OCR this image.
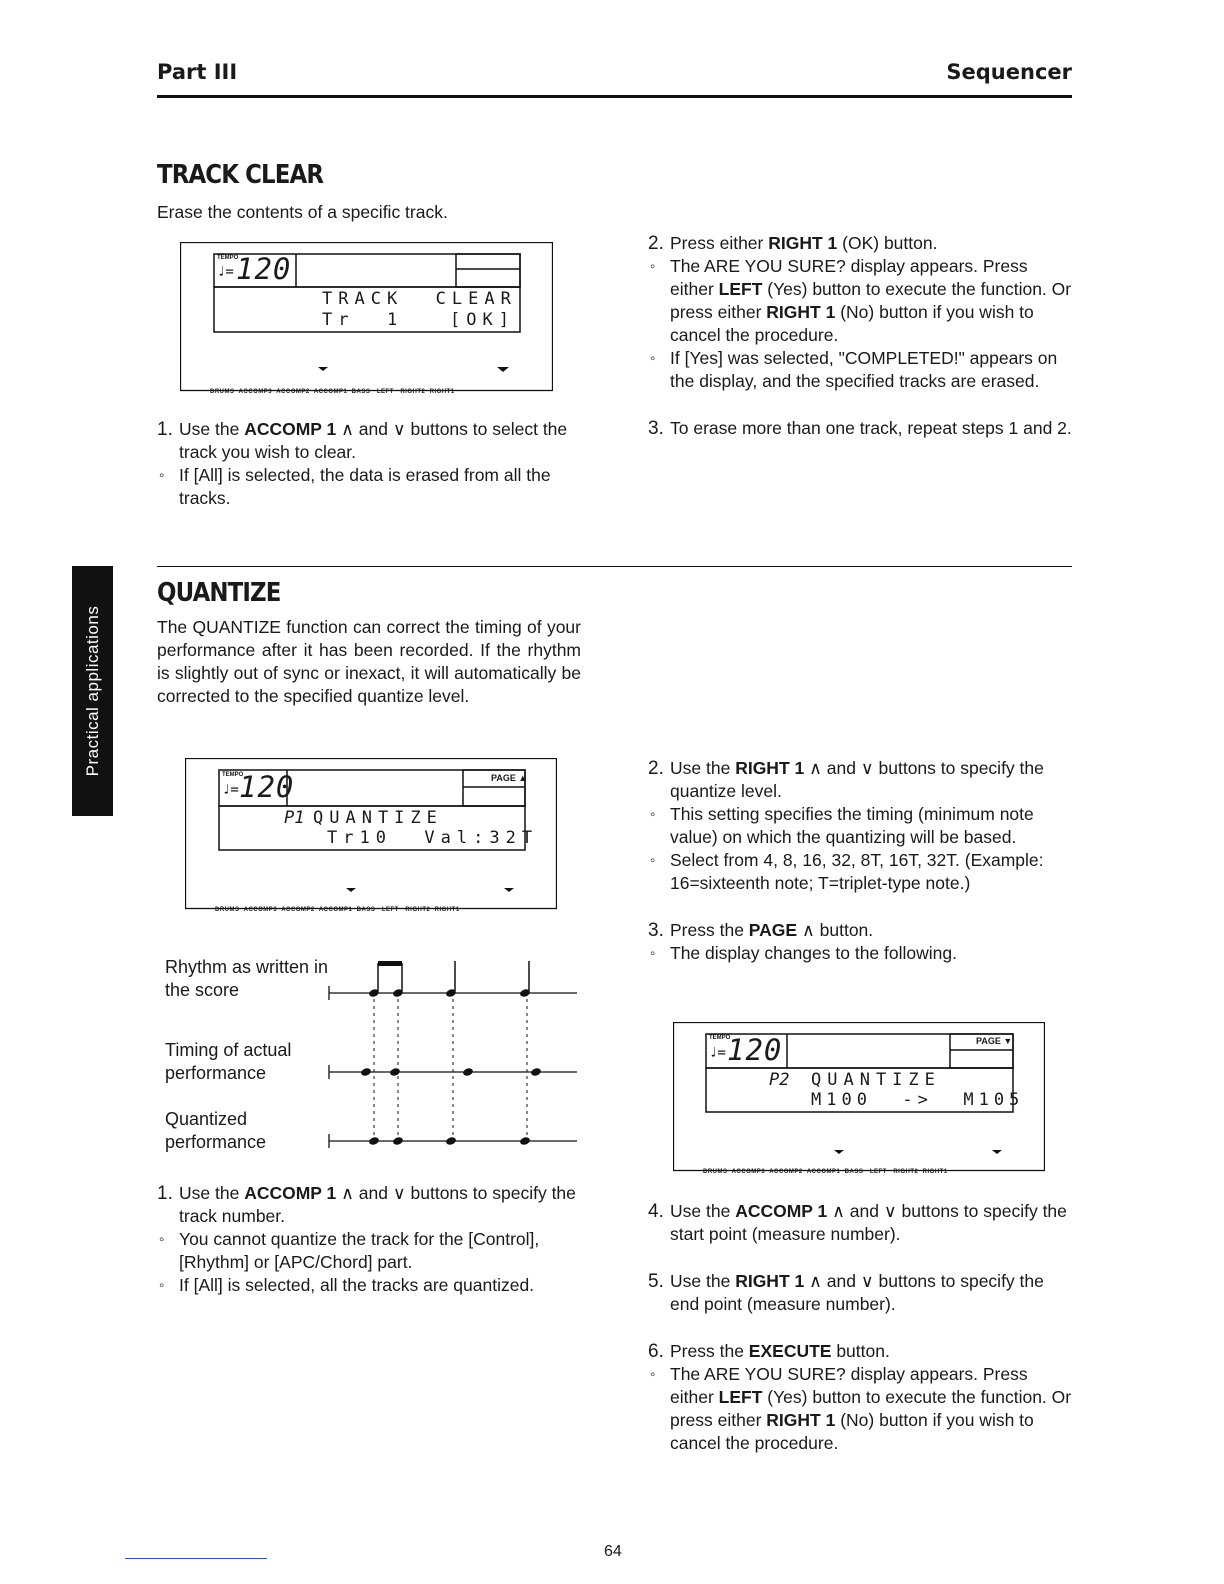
Part III	Sequencer
Practical applications
TRACK CLEAR
Erase the contents of a specific track.
TEMPO
♩= 120
TRACK  CLEAR
Tr  1	[OK]
DRUMS  ACCOMP3  ACCOMP2  ACCOMP1  BASS   LEFT   RIGHT2  RIGHT1
1. Use the ACCOMP 1 ∧ and ∨ buttons to select the track you wish to clear.
◦ If [All] is selected, the data is erased from all the tracks.
2. Press either RIGHT 1 (OK) button.
◦ The ARE YOU SURE? display appears. Press either LEFT (Yes) button to execute the function. Or press either RIGHT 1 (No) button if you wish to cancel the procedure.
◦ If [Yes] was selected, "COMPLETED!" appears on the display, and the specified tracks are erased.
3. To erase more than one track, repeat steps 1 and 2.
QUANTIZE
The QUANTIZE function can correct the timing of your performance after it has been recorded. If the rhythm is slightly out of sync or inexact, it will automatically be corrected to the specified quantize level.
TEMPO
♩= 120	PAGE ▲
P1 QUANTIZE
Tr10  Val:32T
DRUMS  ACCOMP3  ACCOMP2  ACCOMP1  BASS   LEFT   RIGHT2  RIGHT1
Rhythm as written in the score
Timing of actual performance
Quantized performance
1. Use the ACCOMP 1 ∧ and ∨ buttons to specify the track number.
◦ You cannot quantize the track for the [Control], [Rhythm] or [APC/Chord] part.
◦ If [All] is selected, all the tracks are quantized.
2. Use the RIGHT 1 ∧ and ∨ buttons to specify the quantize level.
◦ This setting specifies the timing (minimum note value) on which the quantizing will be based.
◦ Select from 4, 8, 16, 32, 8T, 16T, 32T. (Example: 16=sixteenth note; T=triplet-type note.)
3. Press the PAGE ∧ button.
◦ The display changes to the following.
TEMPO
♩= 120	PAGE ▼
P2 QUANTIZE
M100  ->  M105
DRUMS  ACCOMP3  ACCOMP2  ACCOMP1  BASS   LEFT   RIGHT2  RIGHT1
4. Use the ACCOMP 1 ∧ and ∨ buttons to specify the start point (measure number).
5. Use the RIGHT 1 ∧ and ∨ buttons to specify the end point (measure number).
6. Press the EXECUTE button.
◦ The ARE YOU SURE? display appears. Press either LEFT (Yes) button to execute the function. Or press either RIGHT 1 (No) button if you wish to cancel the procedure.
64
